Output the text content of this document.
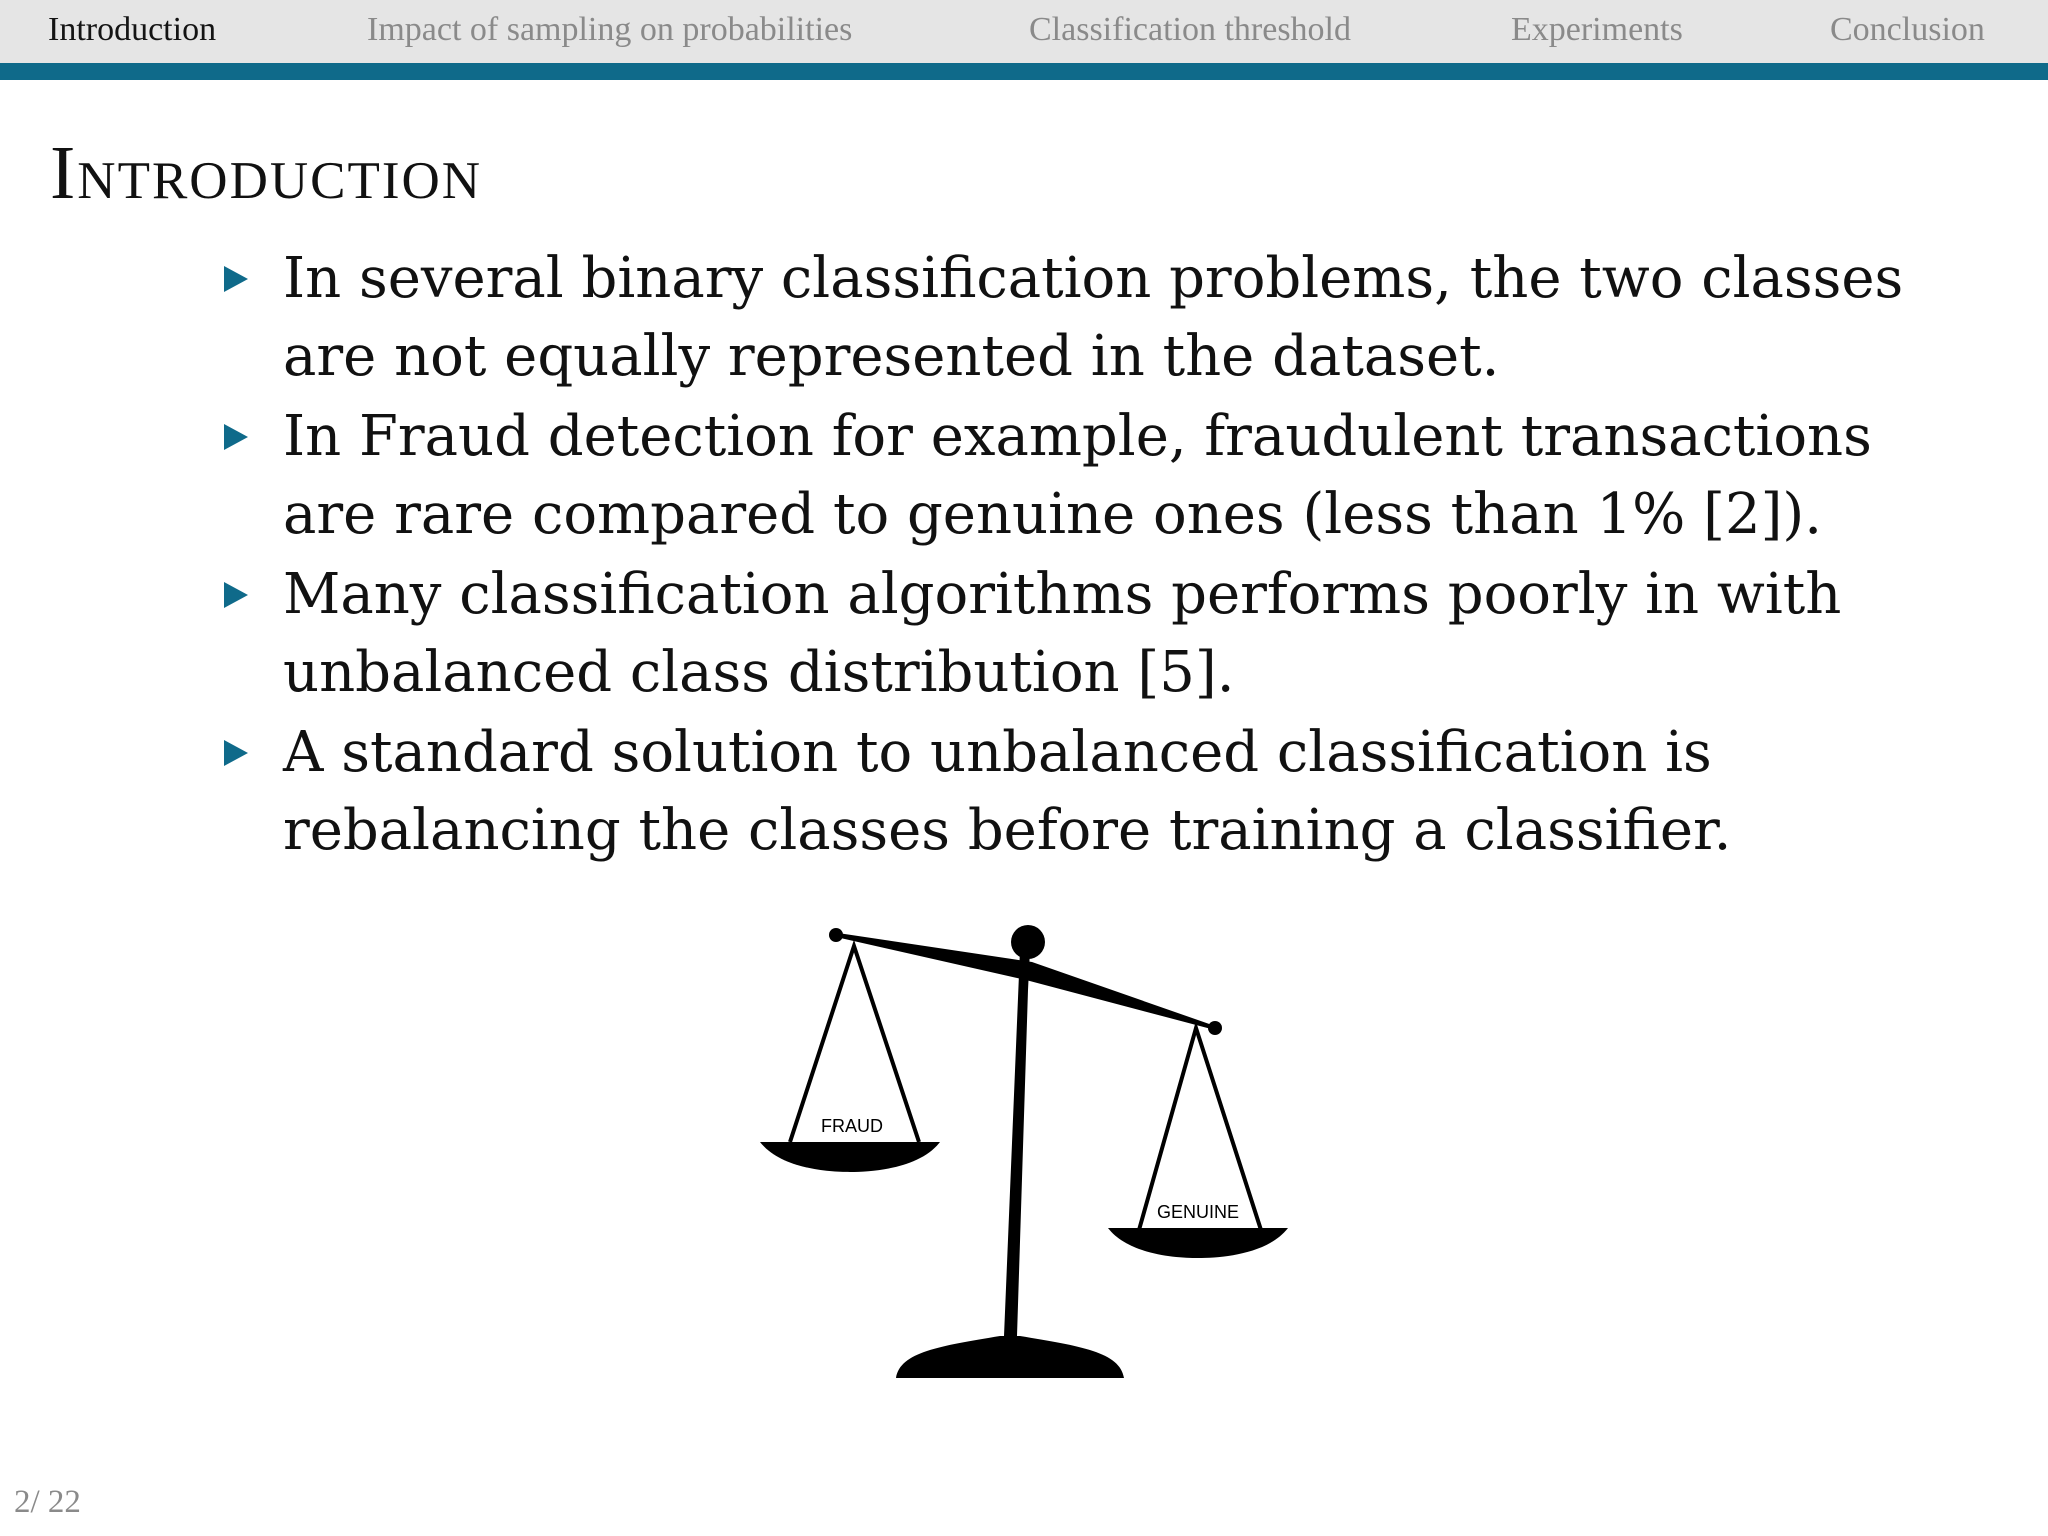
Introduction	Impact of sampling on probabilities	Classification threshold	Experiments	Conclusion
Introduction
In several binary classification problems, the two classes are not equally represented in the dataset.
In Fraud detection for example, fraudulent transactions are rare compared to genuine ones (less than 1% [2]).
Many classification algorithms performs poorly in with unbalanced class distribution [5].
A standard solution to unbalanced classification is rebalancing the classes before training a classifier.
FRAUD
GENUINE
2/ 22
